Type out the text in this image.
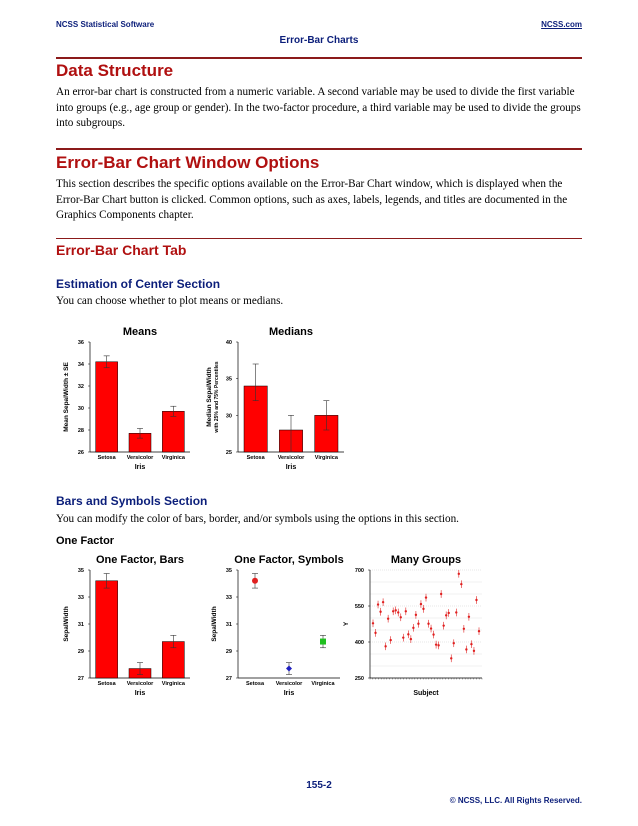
NCSS Statistical Software	NCSS.com
Error-Bar Charts
Data Structure
An error-bar chart is constructed from a numeric variable. A second variable may be used to divide the first variable into groups (e.g., age group or gender). In the two-factor procedure, a third variable may be used to divide the groups into subgroups.
Error-Bar Chart Window Options
This section describes the specific options available on the Error-Bar Chart window, which is displayed when the Error-Bar Chart button is clicked. Common options, such as axes, labels, legends, and titles are documented in the Graphics Components chapter.
Error-Bar Chart Tab
Estimation of Center Section
You can choose whether to plot means or medians.
Means
26
28
30
32
34
36
Mean SepalWidth ± SE
Iris
Setosa Versicolor Virginica
Medians
25
30
35
40
Median SepalWidth with 25% and 75% Percentiles
Iris
Setosa Versicolor Virginica
Bars and Symbols Section
You can modify the color of bars, border, and/or symbols using the options in this section.
One Factor
One Factor, Bars
27
29
31
33
35
SepalWidth
Iris
Setosa Versicolor Virginica
One Factor, Symbols
27
29
31
33
35
SepalWidth
Iris
Setosa Versicolor Virginica
Many Groups
250
400
550
700
Y
Subject
155-2
© NCSS, LLC. All Rights Reserved.
